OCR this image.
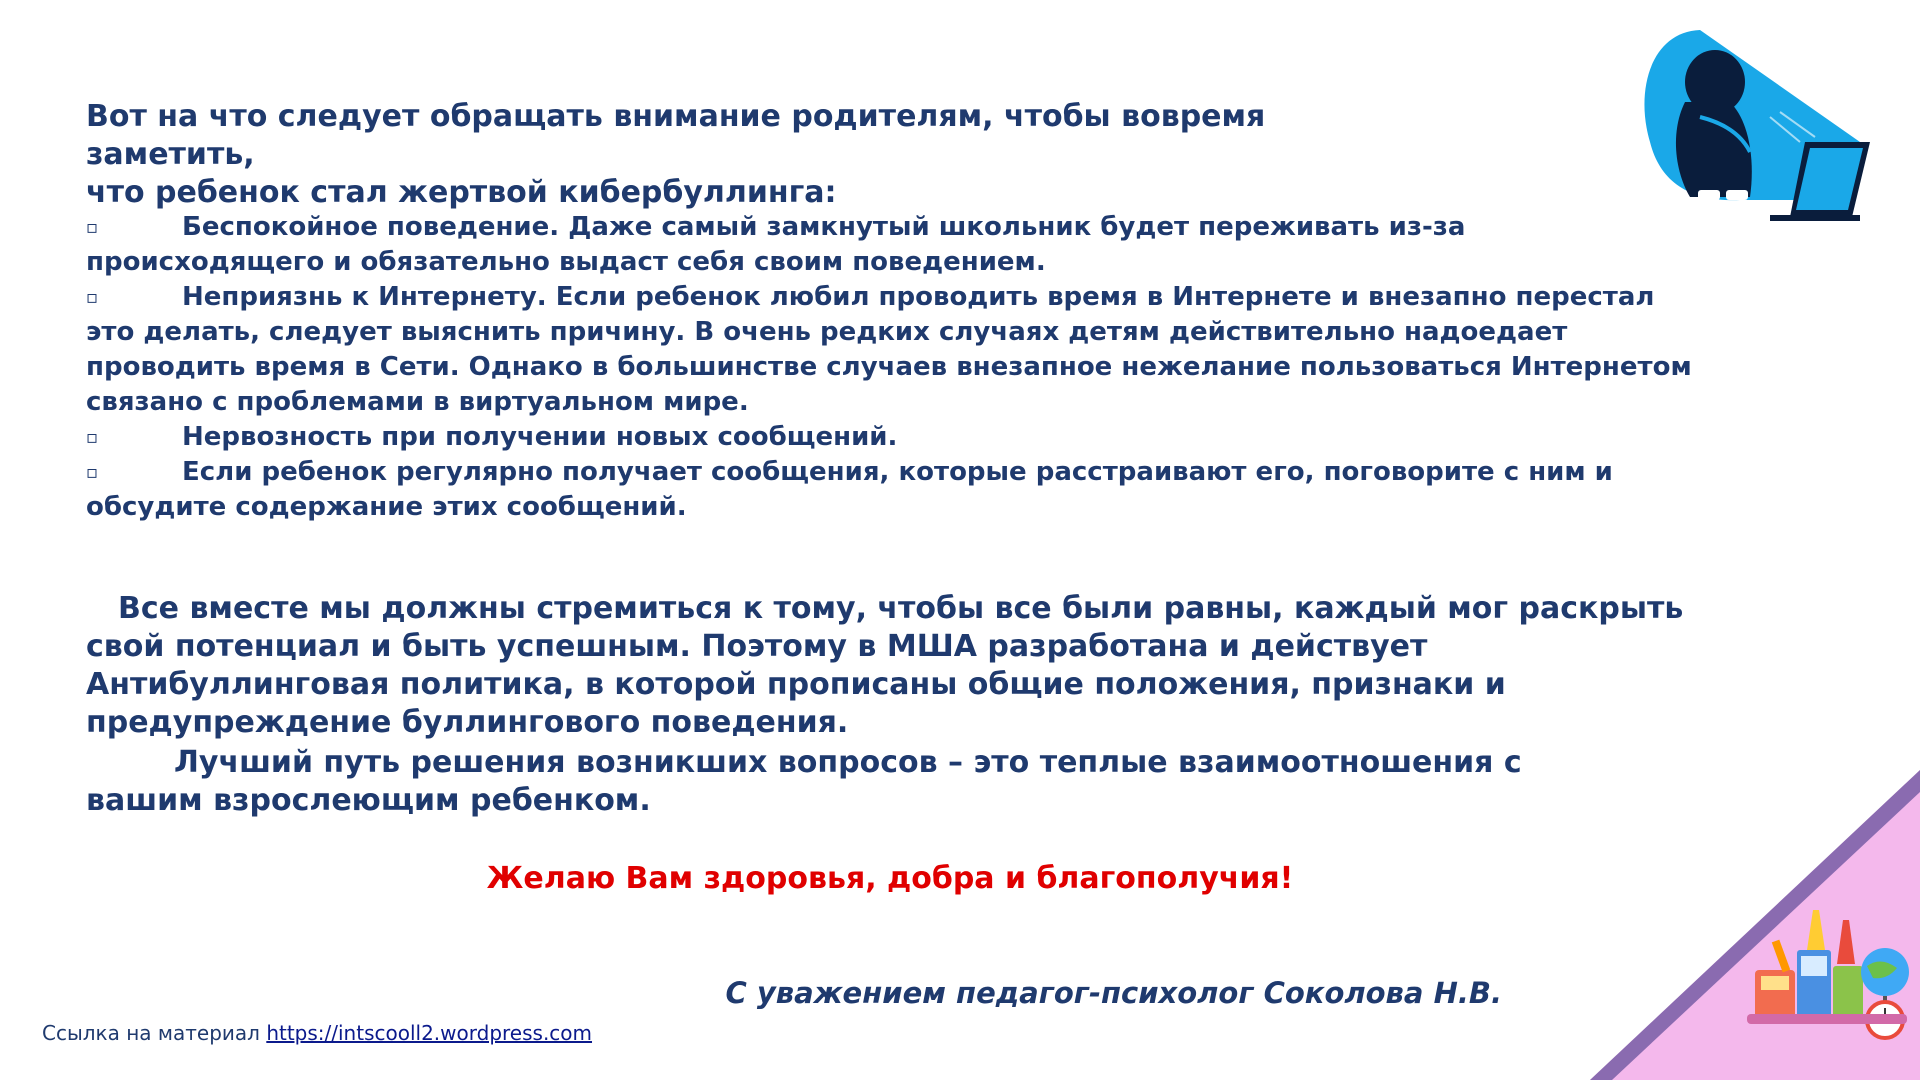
Вот на что следует обращать внимание родителям, чтобы вовремя заметить,
что ребенок стал жертвой кибербуллинга:

▫	Беспокойное поведение. Даже самый замкнутый школьник будет переживать из-за происходящего и обязательно выдаст себя своим поведением.

▫	Неприязнь к Интернету. Если ребенок любил проводить время в Интернете и внезапно перестал это делать, следует выяснить причину. В очень редких случаях детям действительно надоедает проводить время в Сети. Однако в большинстве случаев внезапное нежелание пользоваться Интернетом связано с проблемами в виртуальном мире.

▫	Нервозность при получении новых сообщений.

▫	Если ребенок регулярно получает сообщения, которые расстраивают его, поговорите с ним и обсудите содержание этих сообщений.

Все вместе мы должны стремиться к тому, чтобы все были равны, каждый мог раскрыть свой потенциал и быть успешным. Поэтому в МША разработана и действует Антибуллинговая политика, в которой прописаны общие положения, признаки и предупреждение буллингового поведения.
Лучший путь решения возникших вопросов – это теплые взаимоотношения с вашим взрослеющим ребенком.
Желаю Вам здоровья, добра и благополучия!
С уважением педагог-психолог Соколова Н.В.
Ссылка на материал https://intscooll2.wordpress.com
